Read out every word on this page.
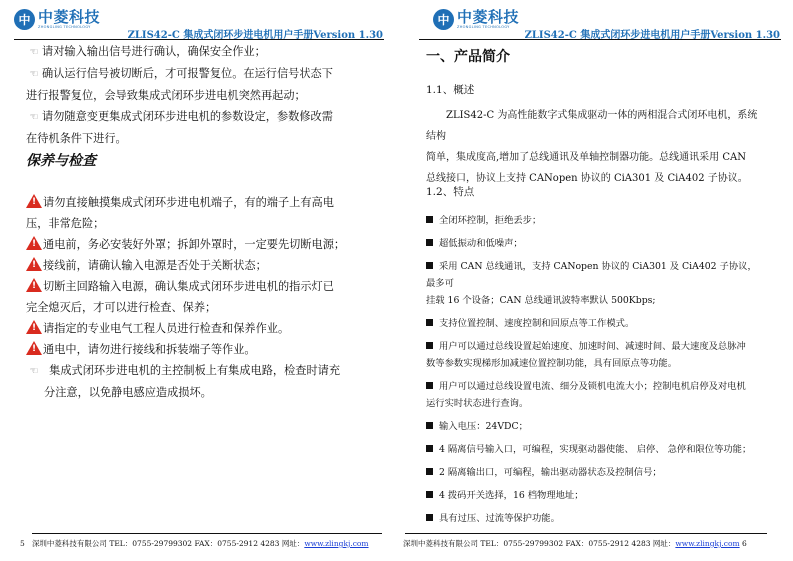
中 中菱科技
ZHONGLING TECHNOLOGY
ZLIS42-C 集成式闭环步进电机用户手册Version 1.30

☜ 请对输入输出信号进行确认，确保安全作业；

☜ 确认运行信号被切断后，才可报警复位。在运行信号状态下

进行报警复位，会导致集成式闭环步进电机突然再起动；

☜ 请勿随意变更集成式闭环步进电机的参数设定，参数修改需

在待机条件下进行。

保养与检查

!请勿直接触摸集成式闭环步进电机端子，有的端子上有高电

压，非常危险；

!通电前，务必安装好外罩；拆卸外罩时，一定要先切断电源；

!接线前，请确认输入电源是否处于关断状态；

!切断主回路输入电源，确认集成式闭环步进电机的指示灯已

完全熄灭后，才可以进行检查、保养；

!请指定的专业电气工程人员进行检查和保养作业。

!通电中，请勿进行接线和拆装端子等作业。

☜ 集成式闭环步进电机的主控制板上有集成电路，检查时请充

分注意，以免静电感应造成损坏。

5 深圳中菱科技有限公司 TEL：0755-29799302 FAX：0755-2912 4283 网址：www.zlingkj.com
中 中菱科技
ZHONGLING TECHNOLOGY
ZLIS42-C 集成式闭环步进电机用户手册Version 1.30
一、产品简介
1.1、概述

ZLIS42-C 为高性能数字式集成驱动一体的两相混合式闭环电机，系统结构

简单，集成度高,增加了总线通讯及单轴控制器功能。总线通讯采用 CAN

总线接口，协议上支持 CANopen 协议的 CiA301 及 CiA402 子协议。

1.2、特点

全闭环控制，拒绝丢步；

超低振动和低噪声；

采用 CAN 总线通讯，支持 CANopen 协议的 CiA301 及 CiA402 子协议，最多可

挂载 16 个设备；CAN 总线通讯波特率默认 500Kbps;

支持位置控制、速度控制和回原点等工作模式。

用户可以通过总线设置起始速度、加速时间、减速时间、最大速度及总脉冲

数等参数实现梯形加减速位置控制功能，具有回原点等功能。

用户可以通过总线设置电流、细分及锁机电流大小；控制电机启停及对电机

运行实时状态进行查询。

输入电压：24VDC；

4 隔离信号输入口，可编程，实现驱动器使能、 启停、 急停和限位等功能；

2 隔离输出口，可编程，输出驱动器状态及控制信号；

4 拨码开关选择，16 档物理地址；

具有过压、过流等保护功能。

深圳中菱科技有限公司 TEL：0755-29799302 FAX：0755-2912 4283 网址：www.zlingkj.com 6
